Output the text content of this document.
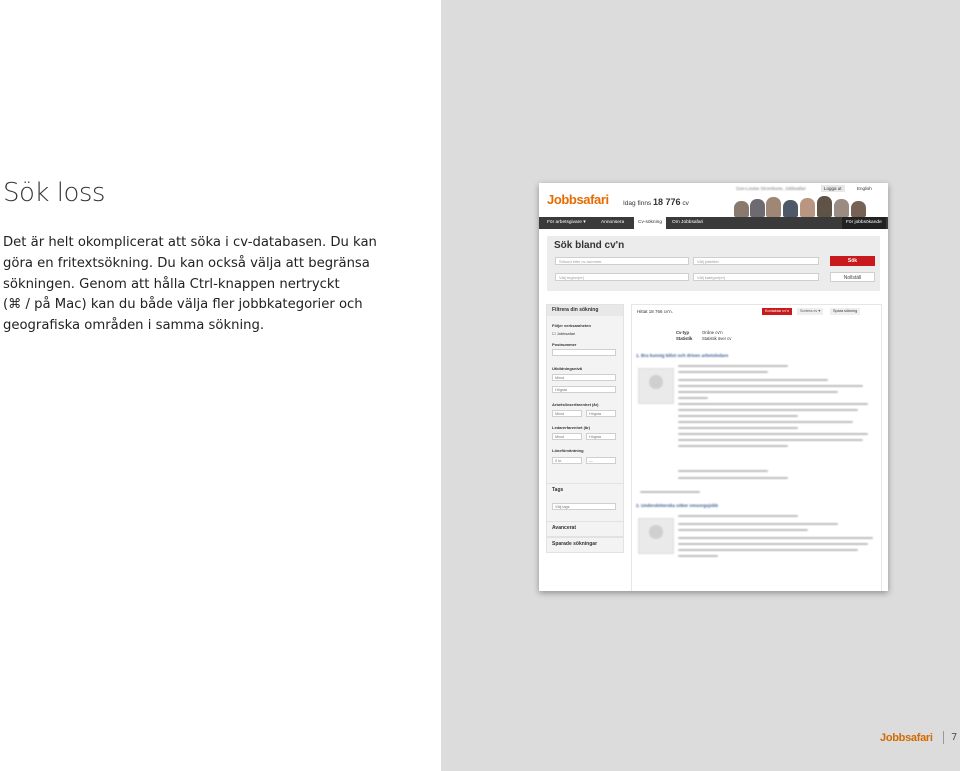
Sök loss

Det är helt okomplicerat att söka i cv-databasen. Du kan
göra en fritextsökning. Du kan också välja att begränsa
sökningen. Genom att hålla Ctrl-knappen nertryckt
(⌘ / på Mac) kan du både välja fler jobbkategorier och
geografiska områden i samma sökning.

Jobbsafari Idag finns 18 776 cv
Gun-Louise Strombone, Jobbsafari	Logga ut	English
För arbetsgivare ▾	Annonsera	Cv-sökning	Om Jobbsafari	För jobbsökande
Sök bland cv'n
Sökord eller cv-nummer	Välj jobbtitel	Sök
Välj region(er)	Välj kategori(er)	Nollställ
Filtrera din sökning
Följer verksamheten
☐ Jobbsafari
Postnummer
Utbildningsnivå
Minst
Högsta
Arbetslivserfarenhet (år)
Minst	Högsta
Ledarerfarenhet (år)
Minst	Högsta
Löneförväntning
0 kr.	—
Tags
Välj tags
Avancerat
Sparade sökningar
Hittat 18 766 cv'n.	Kontaktar cv'n	Sortera cv ▾	Spara sökning
Cv-typ	Online cv'n
Statistik Statistik över cv
1. Bra kunnig bilist och driven arbetsledare
2. Undersköterska söker omsorgsjobb
Jobbsafari 7
